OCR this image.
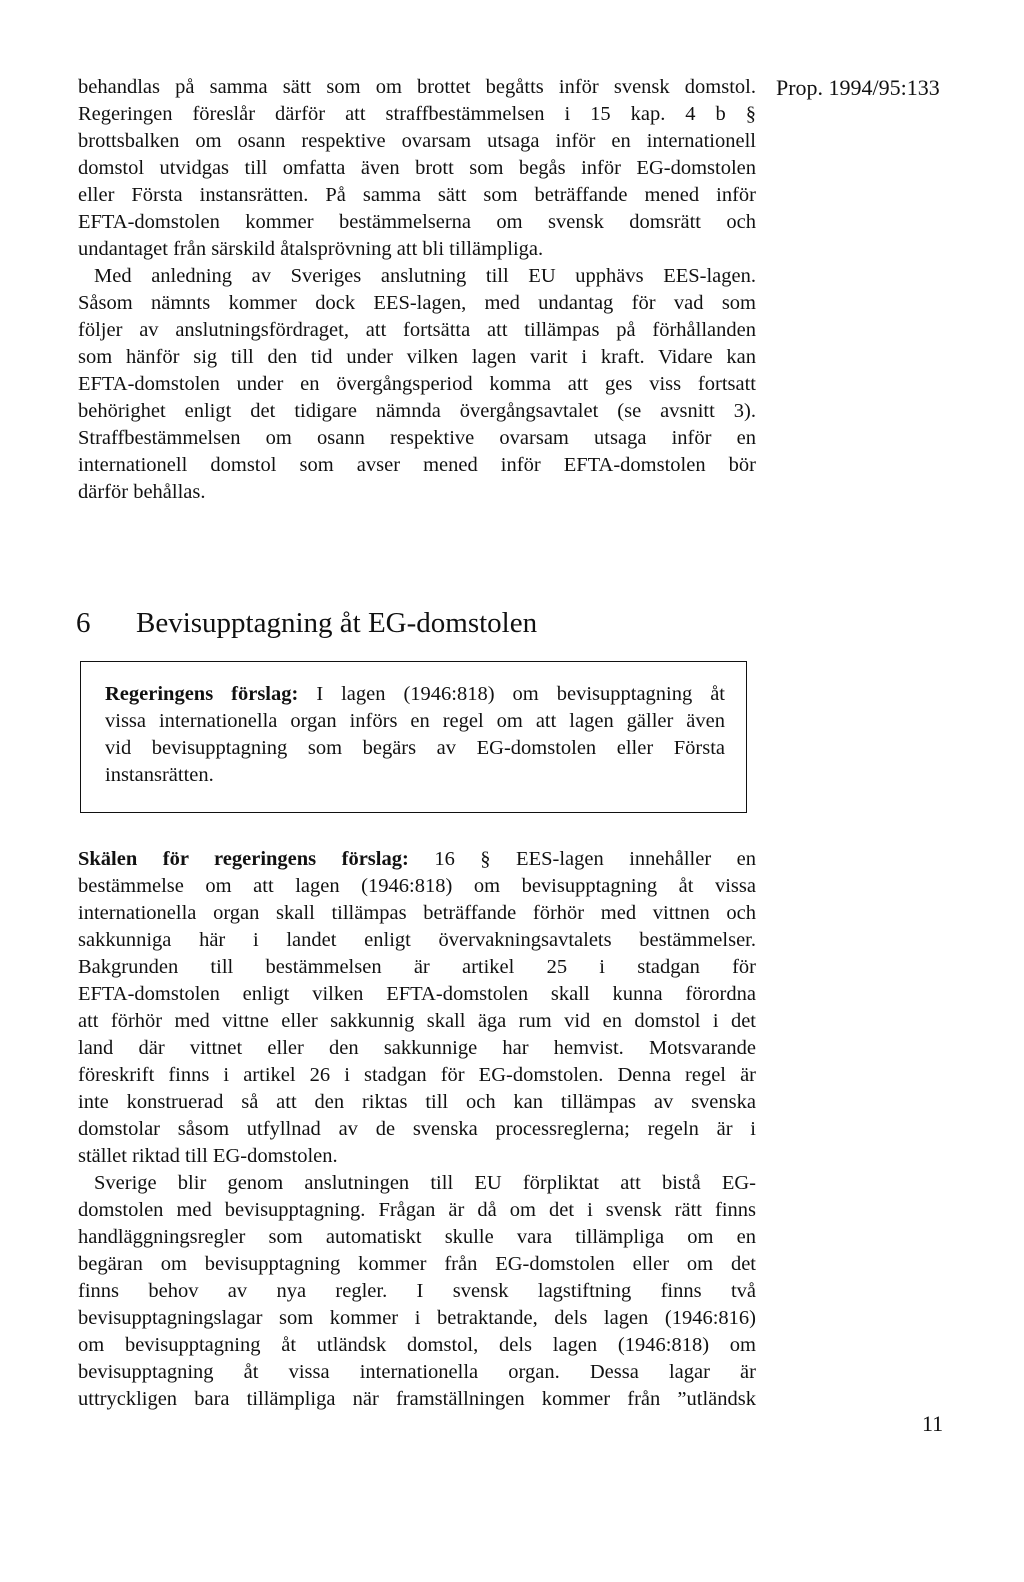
Prop. 1994/95:133
behandlas på samma sätt som om brottet begåtts inför svensk domstol.
Regeringen föreslår därför att straffbestämmelsen i 15 kap. 4 b §
brottsbalken om osann respektive ovarsam utsaga inför en internationell
domstol utvidgas till omfatta även brott som begås inför EG-domstolen
eller Första instansrätten. På samma sätt som beträffande mened inför
EFTA-domstolen kommer bestämmelserna om svensk domsrätt och
undantaget från särskild åtalsprövning att bli tillämpliga.
Med anledning av Sveriges anslutning till EU upphävs EES-lagen.
Såsom nämnts kommer dock EES-lagen, med undantag för vad som
följer av anslutningsfördraget, att fortsätta att tillämpas på förhållanden
som hänför sig till den tid under vilken lagen varit i kraft. Vidare kan
EFTA-domstolen under en övergångsperiod komma att ges viss fortsatt
behörighet enligt det tidigare nämnda övergångsavtalet (se avsnitt 3).
Straffbestämmelsen om osann respektive ovarsam utsaga inför en
internationell domstol som avser mened inför EFTA-domstolen bör
därför behållas.
6 Bevisupptagning åt EG-domstolen
Regeringens förslag: I lagen (1946:818) om bevisupptagning åt
vissa internationella organ införs en regel om att lagen gäller även
vid bevisupptagning som begärs av EG-domstolen eller Första
instansrätten.
Skälen för regeringens förslag: 16 § EES-lagen innehåller en
bestämmelse om att lagen (1946:818) om bevisupptagning åt vissa
internationella organ skall tillämpas beträffande förhör med vittnen och
sakkunniga här i landet enligt övervakningsavtalets bestämmelser.
Bakgrunden till bestämmelsen är artikel 25 i stadgan för
EFTA-domstolen enligt vilken EFTA-domstolen skall kunna förordna
att förhör med vittne eller sakkunnig skall äga rum vid en domstol i det
land där vittnet eller den sakkunnige har hemvist. Motsvarande
föreskrift finns i artikel 26 i stadgan för EG-domstolen. Denna regel är
inte konstruerad så att den riktas till och kan tillämpas av svenska
domstolar såsom utfyllnad av de svenska processreglerna; regeln är i
stället riktad till EG-domstolen.
Sverige blir genom anslutningen till EU förpliktat att bistå EG-
domstolen med bevisupptagning. Frågan är då om det i svensk rätt finns
handläggningsregler som automatiskt skulle vara tillämpliga om en
begäran om bevisupptagning kommer från EG-domstolen eller om det
finns behov av nya regler. I svensk lagstiftning finns två
bevisupptagningslagar som kommer i betraktande, dels lagen (1946:816)
om bevisupptagning åt utländsk domstol, dels lagen (1946:818) om
bevisupptagning åt vissa internationella organ. Dessa lagar är
uttryckligen bara tillämpliga när framställningen kommer från ”utländsk
11
